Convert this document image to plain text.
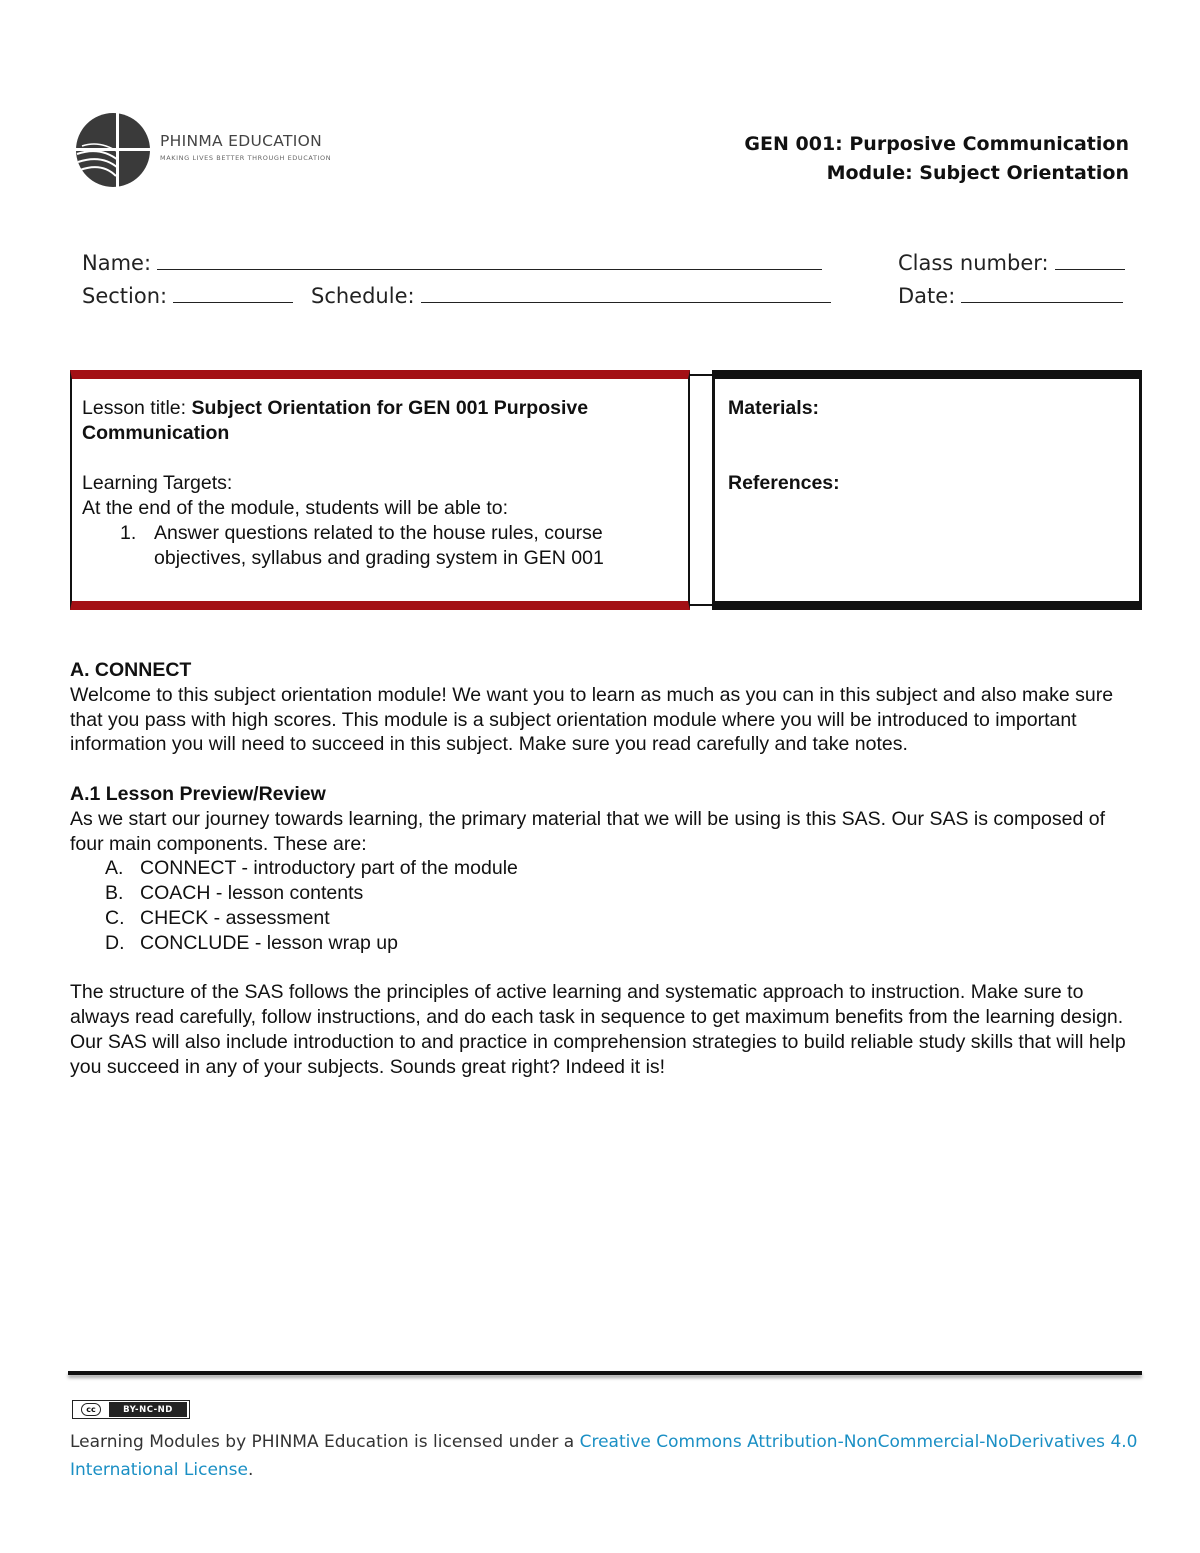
PHINMA EDUCATION
MAKING LIVES BETTER THROUGH EDUCATION
GEN 001: Purposive Communication
Module: Subject Orientation
Name:	Class number:
Section:	Schedule:	Date:
Lesson title: Subject Orientation for GEN 001 Purposive Communication
Learning Targets:
At the end of the module, students will be able to:
1. Answer questions related to the house rules, course objectives, syllabus and grading system in GEN 001
Materials:
References:
A. CONNECT
Welcome to this subject orientation module! We want you to learn as much as you can in this subject and also make sure that you pass with high scores. This module is a subject orientation module where you will be introduced to important information you will need to succeed in this subject. Make sure you read carefully and take notes.
A.1 Lesson Preview/Review
As we start our journey towards learning, the primary material that we will be using is this SAS. Our SAS is composed of four main components. These are:
A. CONNECT - introductory part of the module
B. COACH - lesson contents
C. CHECK - assessment
D. CONCLUDE - lesson wrap up
The structure of the SAS follows the principles of active learning and systematic approach to instruction. Make sure to always read carefully, follow instructions, and do each task in sequence to get maximum benefits from the learning design. Our SAS will also include introduction to and practice in comprehension strategies to build reliable study skills that will help you succeed in any of your subjects. Sounds great right? Indeed it is!
cc	BY-NC-ND
Learning Modules by PHINMA Education is licensed under a Creative Commons Attribution-NonCommercial-NoDerivatives 4.0 International License.
